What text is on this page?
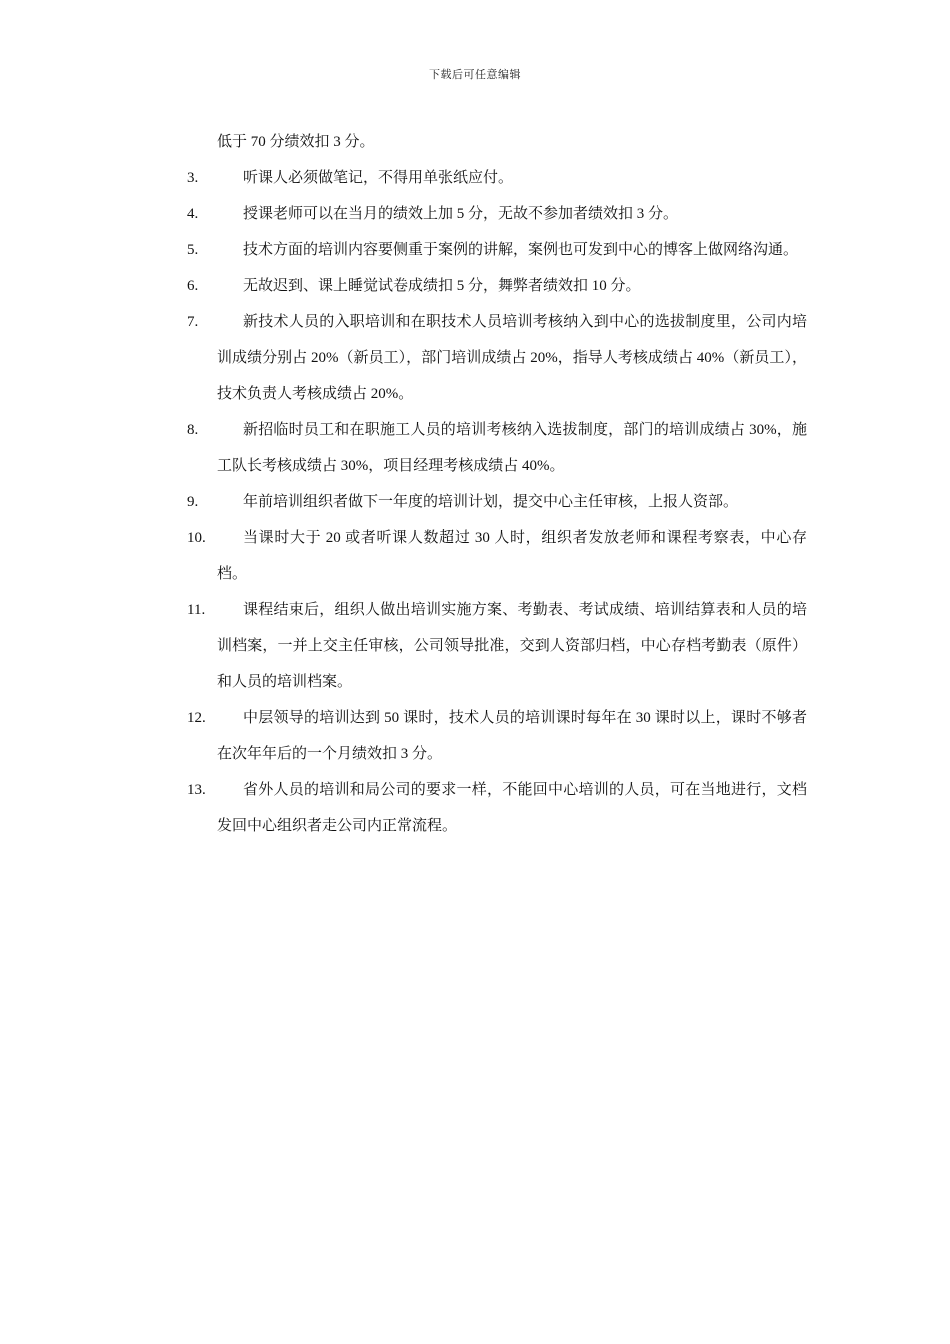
下载后可任意编辑
低于 70 分绩效扣 3 分。
3.	听课人必须做笔记，不得用单张纸应付。
4.	授课老师可以在当月的绩效上加 5 分，无故不参加者绩效扣 3 分。
5.	技术方面的培训内容要侧重于案例的讲解，案例也可发到中心的博客上做网络沟通。
6.	无故迟到、课上睡觉试卷成绩扣 5 分，舞弊者绩效扣 10 分。
7.	新技术人员的入职培训和在职技术人员培训考核纳入到中心的选拔制度里，公司内培训成绩分别占 20%（新员工），部门培训成绩占 20%，指导人考核成绩占 40%（新员工），技术负责人考核成绩占 20%。
8.	新招临时员工和在职施工人员的培训考核纳入选拔制度，部门的培训成绩占 30%，施工队长考核成绩占 30%，项目经理考核成绩占 40%。
9.	年前培训组织者做下一年度的培训计划，提交中心主任审核，上报人资部。
10.	当课时大于 20 或者听课人数超过 30 人时，组织者发放老师和课程考察表，中心存档。
11.	课程结束后，组织人做出培训实施方案、考勤表、考试成绩、培训结算表和人员的培训档案，一并上交主任审核，公司领导批准，交到人资部归档，中心存档考勤表（原件）和人员的培训档案。
12.	中层领导的培训达到 50 课时，技术人员的培训课时每年在 30 课时以上，课时不够者在次年年后的一个月绩效扣 3 分。
13.	省外人员的培训和局公司的要求一样，不能回中心培训的人员，可在当地进行，文档发回中心组织者走公司内正常流程。
